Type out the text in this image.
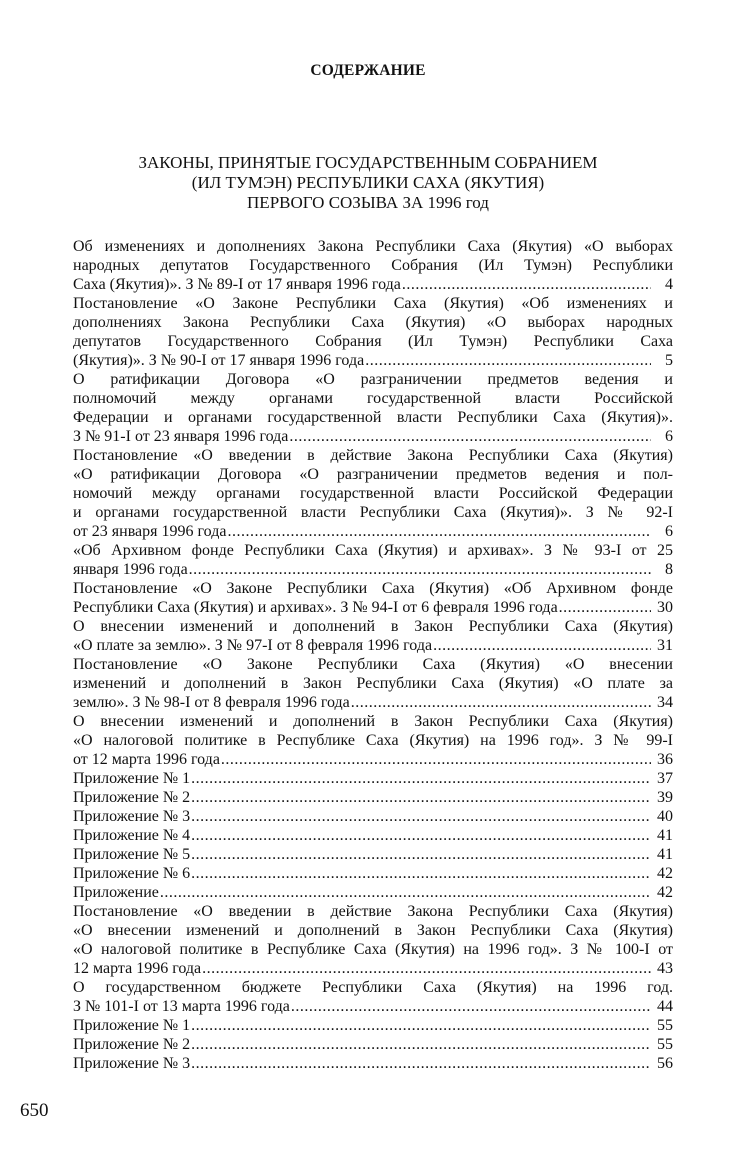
СОДЕРЖАНИЕ
ЗАКОНЫ, ПРИНЯТЫЕ ГОСУДАРСТВЕННЫМ СОБРАНИЕМ
(ИЛ ТУМЭН) РЕСПУБЛИКИ САХА (ЯКУТИЯ)
ПЕРВОГО СОЗЫВА ЗА 1996 год
Об изменениях и дополнениях Закона Республики Саха (Якутия) «О выборах
народных депутатов Государственного Собрания (Ил Тумэн) Республики
Саха (Якутия)». З № 89-I от 17 января 1996 года .....	4
Постановление «О Законе Республики Саха (Якутия) «Об изменениях и
дополнениях Закона Республики Саха (Якутия) «О выборах народных
депутатов Государственного Собрания (Ил Тумэн) Республики Саха
(Якутия)». З № 90-I от 17 января 1996 года .....	5
О ратификации Договора «О разграничении предметов ведения и
полномочий между органами государственной власти Российской
Федерации и органами государственной власти Республики Саха (Якутия)».
З № 91-I от 23 января 1996 года .....	6
Постановление «О введении в действие Закона Республики Саха (Якутия)
«О ратификации Договора «О разграничении предметов ведения и пол-
номочий между органами государственной власти Российской Федерации
и органами государственной власти Республики Саха (Якутия)». З № 92-I
от 23 января 1996 года .....	6
«Об Архивном фонде Республики Саха (Якутия) и архивах». З № 93-I от 25
января 1996 года .....	8
Постановление «О Законе Республики Саха (Якутия) «Об Архивном фонде
Республики Саха (Якутия) и архивах». З № 94-I от 6 февраля 1996 года .....	30
О внесении изменений и дополнений в Закон Республики Саха (Якутия)
«О плате за землю». З № 97-I от 8 февраля 1996 года .....	31
Постановление «О Законе Республики Саха (Якутия) «О внесении
изменений и дополнений в Закон Республики Саха (Якутия) «О плате за
землю». З № 98-I от 8 февраля 1996 года .....	34
О внесении изменений и дополнений в Закон Республики Саха (Якутия)
«О налоговой политике в Республике Саха (Якутия) на 1996 год». З № 99-I
от 12 марта 1996 года .....	36
Приложение № 1 .....	37
Приложение № 2 .....	39
Приложение № 3 .....	40
Приложение № 4 .....	41
Приложение № 5 .....	41
Приложение № 6 .....	42
Приложение .....	42
Постановление «О введении в действие Закона Республики Саха (Якутия)
«О внесении изменений и дополнений в Закон Республики Саха (Якутия)
«О налоговой политике в Республике Саха (Якутия) на 1996 год». З № 100-I от
12 марта 1996 года .....	43
О государственном бюджете Республики Саха (Якутия) на 1996 год.
З № 101-I от 13 марта 1996 года .....	44
Приложение № 1 .....	55
Приложение № 2 .....	55
Приложение № 3 .....	56
650
